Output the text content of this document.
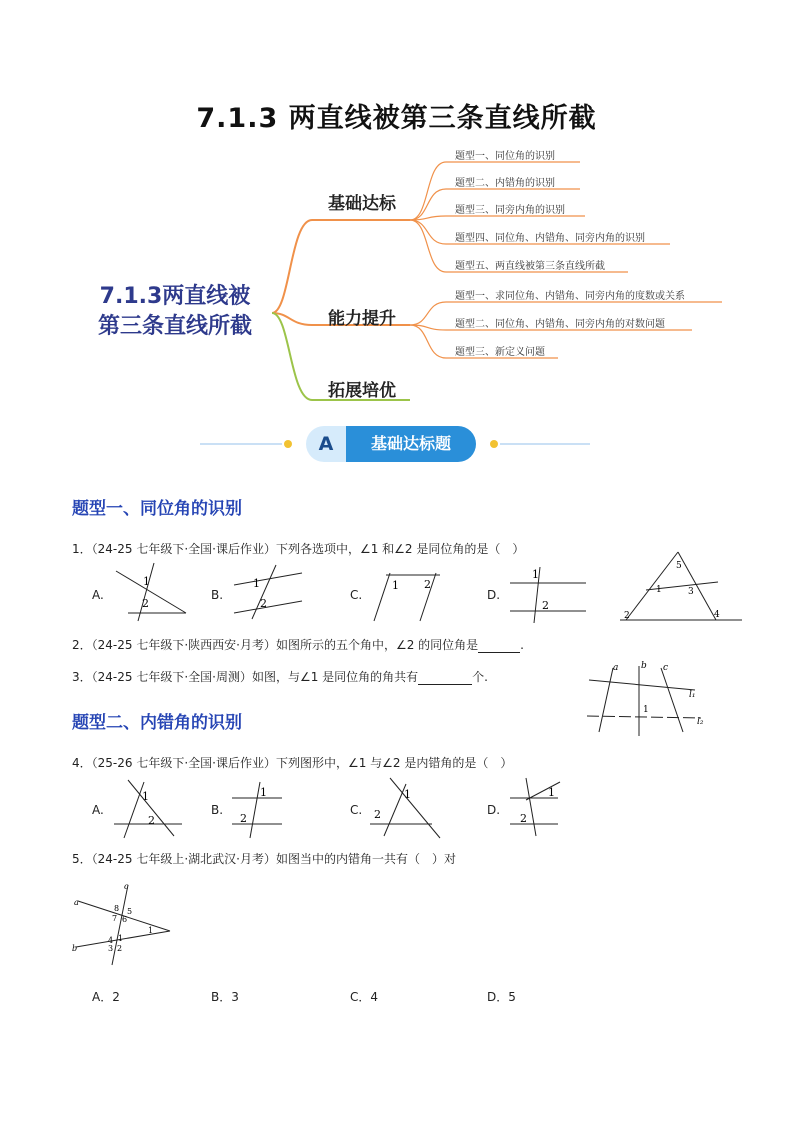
7.1.3 两直线被第三条直线所截
7.1.3两直线被
第三条直线所截
基础达标
能力提升
拓展培优
题型一、同位角的识别
题型二、内错角的识别
题型三、同旁内角的识别
题型四、同位角、内错角、同旁内角的识别
题型五、两直线被第三条直线所截
题型一、求同位角、内错角、同旁内角的度数或关系
题型二、同位角、内错角、同旁内角的对数问题
题型三、新定义问题
A	基础达标题
题型一、同位角的识别
1．（24-25 七年级下·全国·课后作业）下列各选项中，∠1 和∠2 是同位角的是（　）
A.	B.	C.	D.
1
2
1
2
1 2
1
2
2
1
5
3
4
2．（24-25 七年级下·陕西西安·月考）如图所示的五个角中，∠2 的同位角是	.
3．（24-25 七年级下·全国·周测）如图，与∠1 是同位角的角共有	个.
a	b c
1
l₁
l₂
题型二、内错角的识别
4．（25-26 七年级下·全国·课后作业）下列图形中，∠1 与∠2 是内错角的是（　）
A.	B.	C.	D.
1
2
1
2
1
2
1
2
5．（24-25 七年级上·湖北武汉·月考）如图当中的内错角一共有（　）对
a
b
c
8 5
7 6
1
4 1
3 2
A．2	B．3	C．4	D．5
